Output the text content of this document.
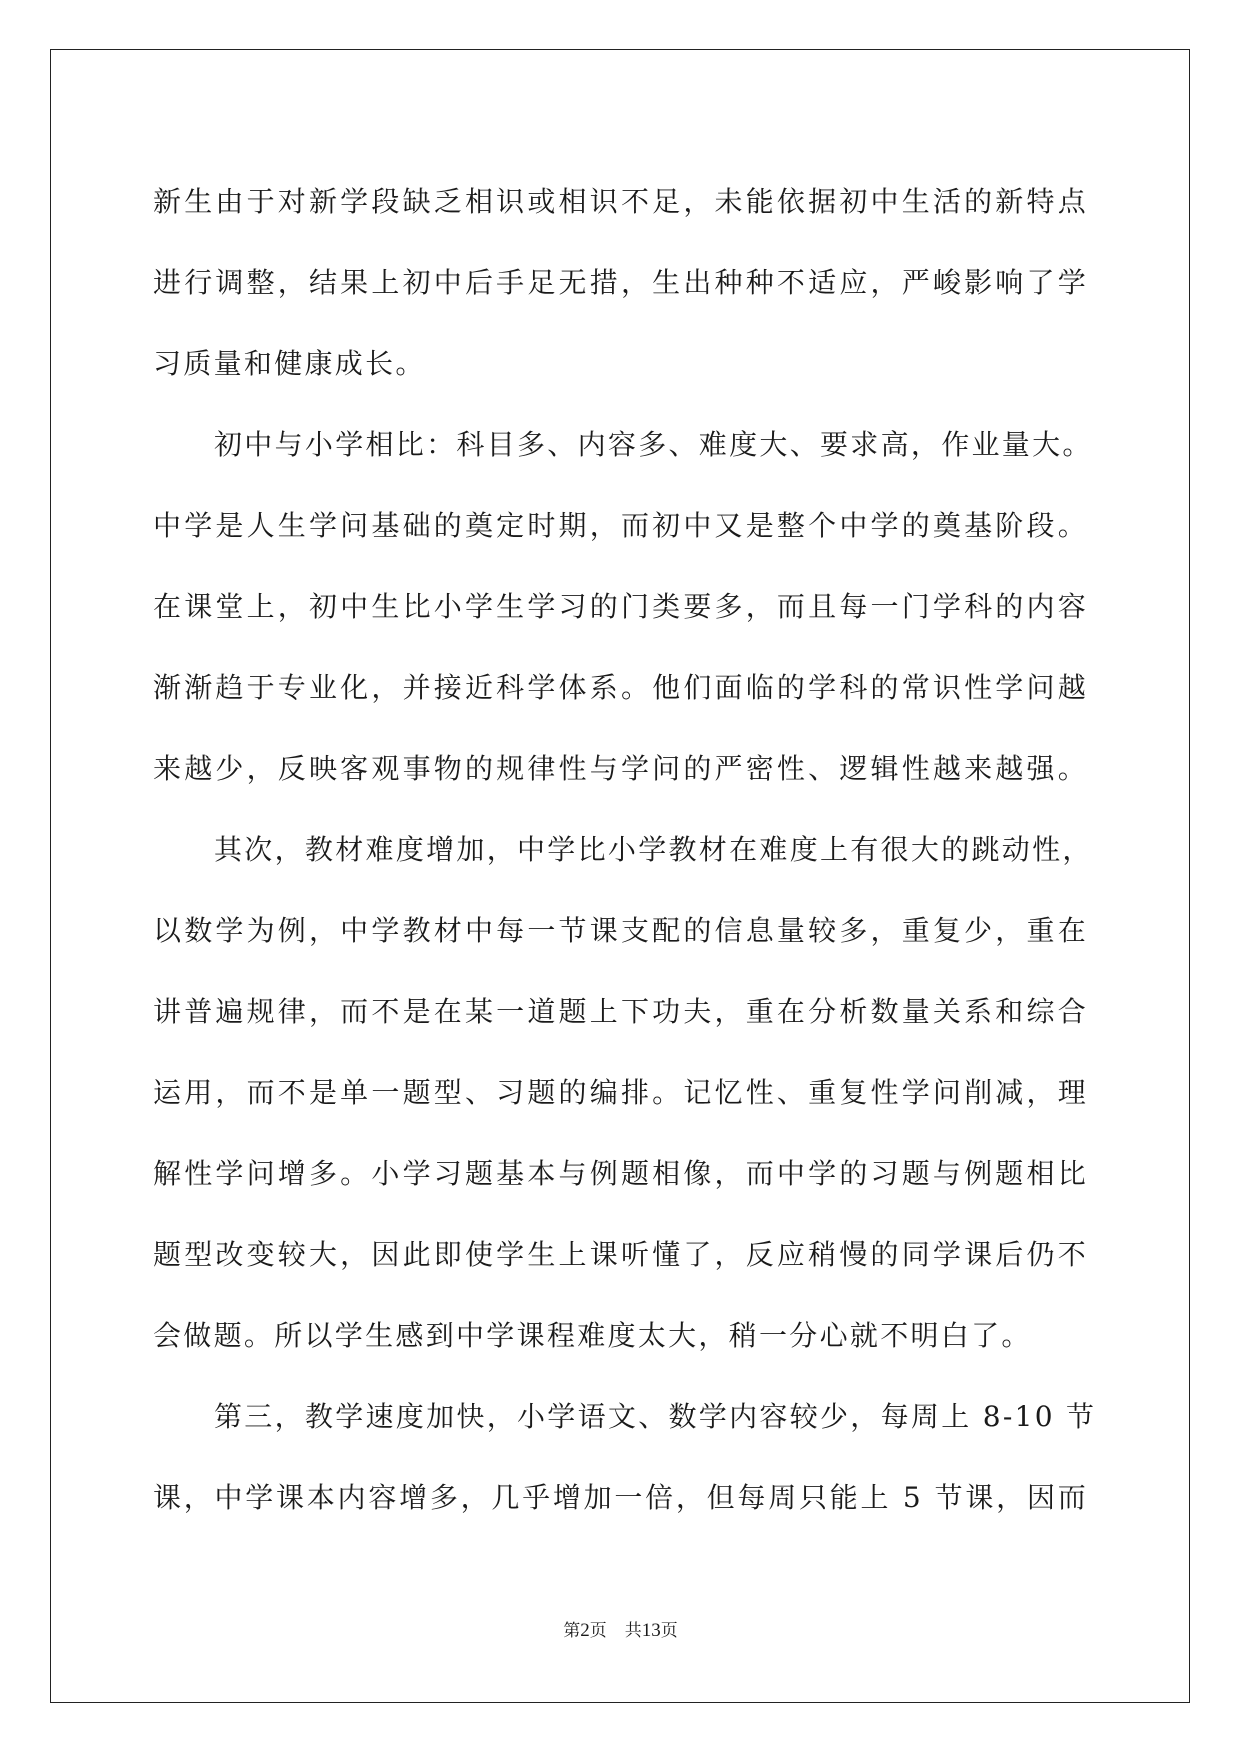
新生由于对新学段缺乏相识或相识不足，未能依据初中生活的新特点
进行调整，结果上初中后手足无措，生出种种不适应，严峻影响了学
习质量和健康成长。
初中与小学相比：科目多、内容多、难度大、要求高，作业量大。
中学是人生学问基础的奠定时期，而初中又是整个中学的奠基阶段。
在课堂上，初中生比小学生学习的门类要多，而且每一门学科的内容
渐渐趋于专业化，并接近科学体系。他们面临的学科的常识性学问越
来越少，反映客观事物的规律性与学问的严密性、逻辑性越来越强。
其次，教材难度增加，中学比小学教材在难度上有很大的跳动性，
以数学为例，中学教材中每一节课支配的信息量较多，重复少，重在
讲普遍规律，而不是在某一道题上下功夫，重在分析数量关系和综合
运用，而不是单一题型、习题的编排。记忆性、重复性学问削减，理
解性学问增多。小学习题基本与例题相像，而中学的习题与例题相比
题型改变较大，因此即使学生上课听懂了，反应稍慢的同学课后仍不
会做题。所以学生感到中学课程难度太大，稍一分心就不明白了。
第三，教学速度加快，小学语文、数学内容较少，每周上 8-10 节
课，中学课本内容增多，几乎增加一倍，但每周只能上 5 节课，因而
第2页 共13页
